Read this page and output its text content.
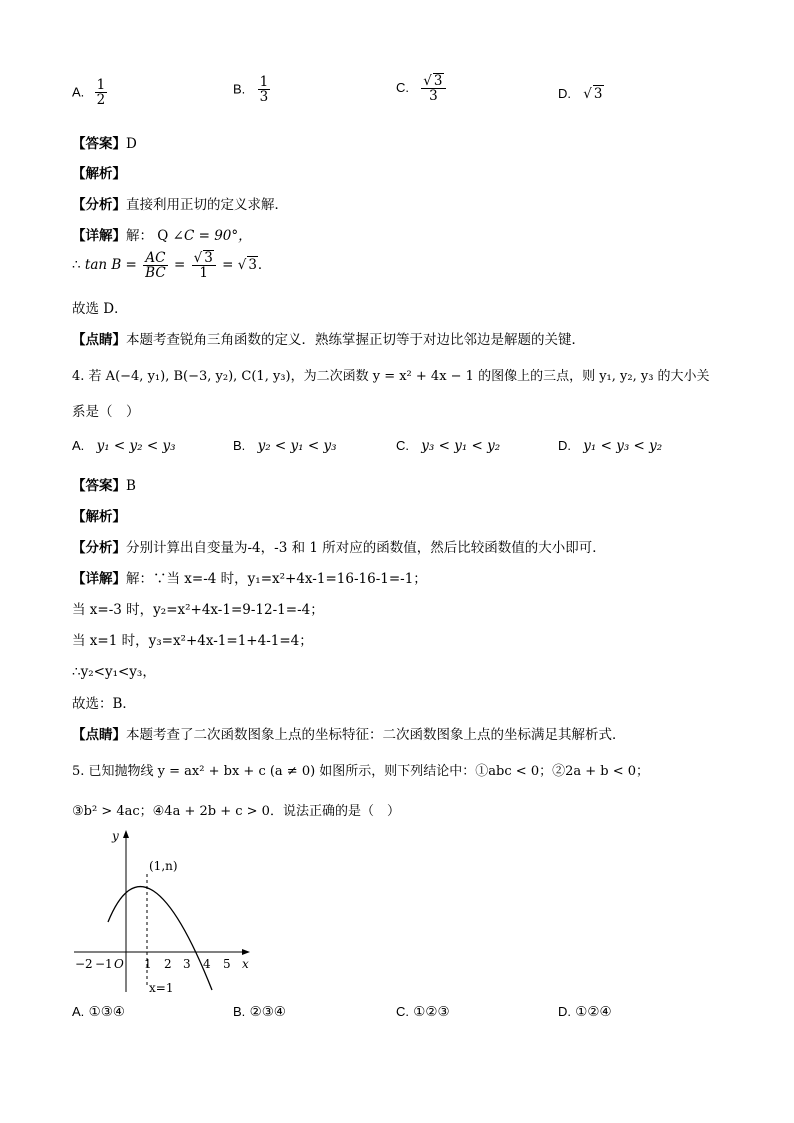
A. $\frac{1}{2}$	B. $\frac{1}{3}$	C. $\frac{√ 3}{3}$	D. √ 3
【答案】D
【解析】
【分析】直接利用正切的定义求解．
【详解】解： Q ∠C = 90°，
∴ $\tan B = \frac{AC}{BC} = \frac{√ 3}{1}$ = √ 3．
故选 D．
【点睛】本题考查锐角三角函数的定义．熟练掌握正切等于对边比邻边是解题的关键．
4. 若 A(−4, y₁), B(−3, y₂), C(1, y₃)，为二次函数 y = x² + 4x − 1 的图像上的三点，则 y₁, y₂, y₃ 的大小关
系是（　）
A. y₁ < y₂ < y₃	B. y₂ < y₁ < y₃	C. y₃ < y₁ < y₂	D. y₁ < y₃ < y₂
【答案】B
【解析】
【分析】分别计算出自变量为-4，-3 和 1 所对应的函数值，然后比较函数值的大小即可．
【详解】解：∵当 x=-4 时，y₁=x²+4x-1=16-16-1=-1；
当 x=-3 时，y₂=x²+4x-1=9-12-1=-4；
当 x=1 时，y₃=x²+4x-1=1+4-1=4；
∴y₂<y₁<y₃，
故选：B．
【点睛】本题考查了二次函数图象上点的坐标特征：二次函数图象上点的坐标满足其解析式．
5. 已知抛物线 y = ax² + bx + c (a ≠ 0) 如图所示，则下列结论中：①abc < 0；②2a + b < 0；
③b² > 4ac；④4a + 2b + c > 0．说法正确的是（　）
y
x
(1,n)
O
x=1
−2 −1	1 2 3 4 5
A. ①③④	B. ②③④	C. ①②③	D. ①②④
